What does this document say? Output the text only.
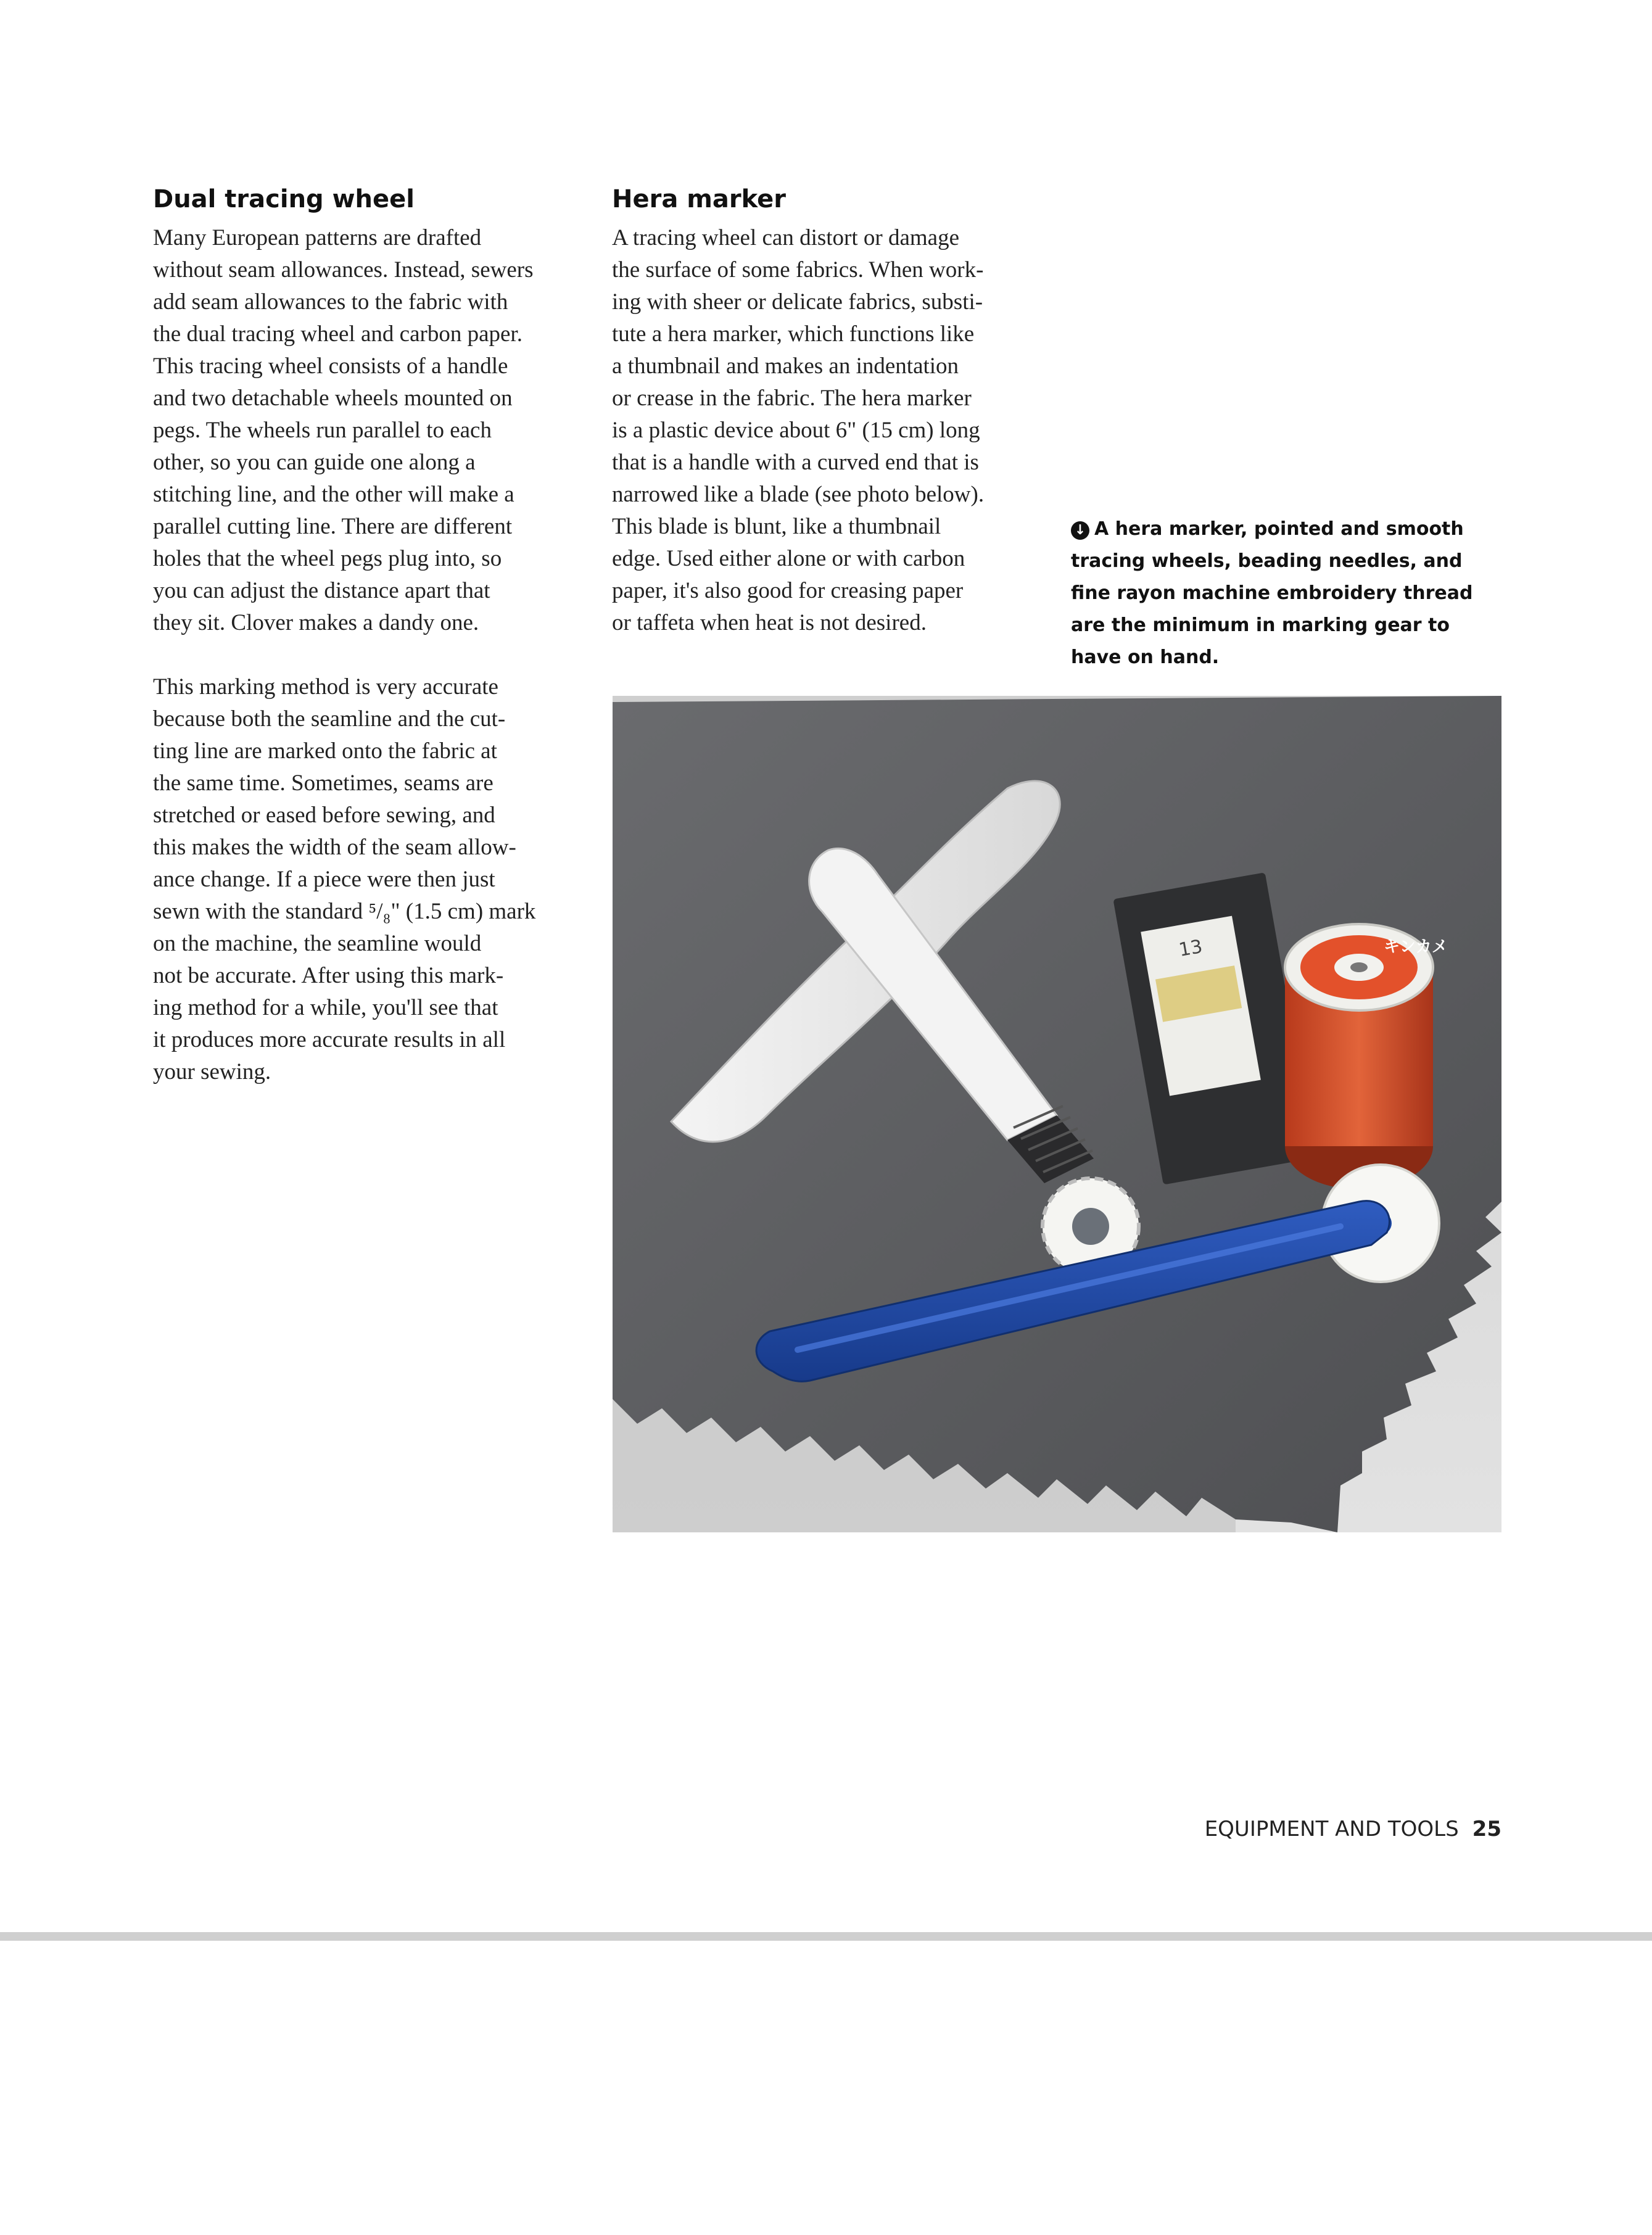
Dual tracing wheel

Many European patterns are drafted

without seam allowances. Instead, sewers

add seam allowances to the fabric with

the dual tracing wheel and carbon paper.

This tracing wheel consists of a handle

and two detachable wheels mounted on

pegs. The wheels run parallel to each

other, so you can guide one along a

stitching line, and the other will make a

parallel cutting line. There are different

holes that the wheel pegs plug into, so

you can adjust the distance apart that

they sit. Clover makes a dandy one.

This marking method is very accurate

because both the seamline and the cut-

ting line are marked onto the fabric at

the same time. Sometimes, seams are

stretched or eased before sewing, and

this makes the width of the seam allow-

ance change. If a piece were then just

sewn with the standard ⁵/₈" (1.5 cm) mark

on the machine, the seamline would

not be accurate. After using this mark-

ing method for a while, you'll see that

it produces more accurate results in all

your sewing.

Hera marker

A tracing wheel can distort or damage

the surface of some fabrics. When work-

ing with sheer or delicate fabrics, substi-

tute a hera marker, which functions like

a thumbnail and makes an indentation

or crease in the fabric. The hera marker

is a plastic device about 6" (15 cm) long

that is a handle with a curved end that is

narrowed like a blade (see photo below).

This blade is blunt, like a thumbnail

edge. Used either alone or with carbon

paper, it's also good for creasing paper

or taffeta when heat is not desired.

↓ A hera marker, pointed and smooth
tracing wheels, beading needles, and
fine rayon machine embroidery thread
are the minimum in marking gear to
have on hand.
13	キンカメ
EQUIPMENT AND TOOLS 25
